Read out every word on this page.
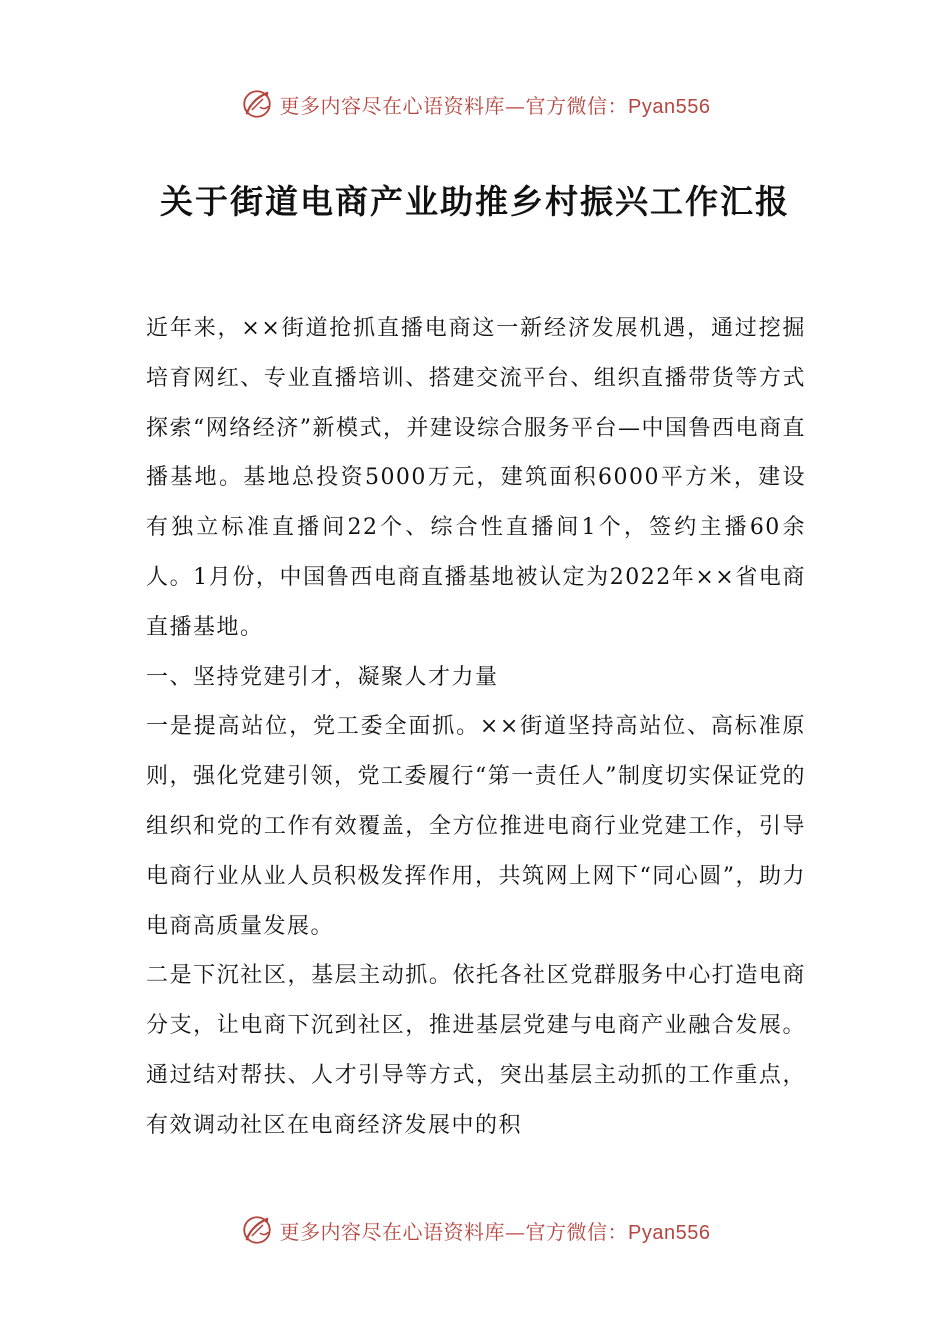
更多内容尽在心语资料库—官方微信：Pyan556
关于街道电商产业助推乡村振兴工作汇报

近年来，××街道抢抓直播电商这一新经济发展机遇，通过挖掘培育网红、专业直播培训、搭建交流平台、组织直播带货等方式探索“网络经济”新模式，并建设综合服务平台—中国鲁西电商直播基地。基地总投资5000万元，建筑面积6000平方米，建设有独立标准直播间22个、综合性直播间1个，签约主播60余人。1月份，中国鲁西电商直播基地被认定为2022年××省电商直播基地。

一、坚持党建引才，凝聚人才力量

一是提高站位，党工委全面抓。××街道坚持高站位、高标准原则，强化党建引领，党工委履行“第一责任人”制度切实保证党的组织和党的工作有效覆盖，全方位推进电商行业党建工作，引导电商行业从业人员积极发挥作用，共筑网上网下“同心圆”，助力电商高质量发展。

二是下沉社区，基层主动抓。依托各社区党群服务中心打造电商分支，让电商下沉到社区，推进基层党建与电商产业融合发展。通过结对帮扶、人才引导等方式，突出基层主动抓的工作重点，有效调动社区在电商经济发展中的积

更多内容尽在心语资料库—官方微信：Pyan556
